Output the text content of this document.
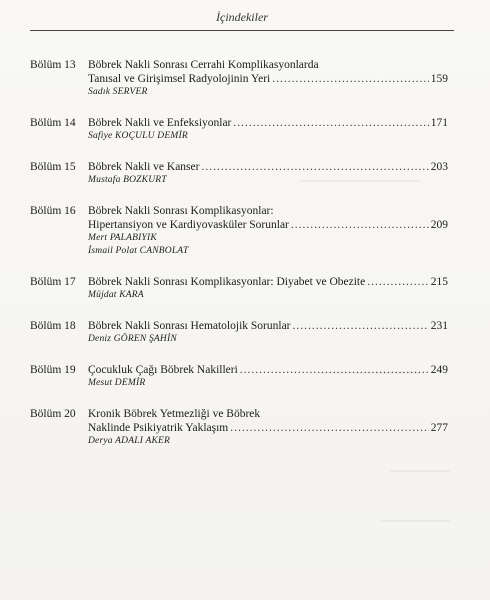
İçindekiler
Bölüm 13	Böbrek Nakli Sonrası Cerrahi Komplikasyonlarda
Tanısal ve Girişimsel Radyolojinin Yeri .....	159
Sadık SERVER
Bölüm 14	Böbrek Nakli ve Enfeksiyonlar .....	171
Safiye KOÇULU DEMİR
Bölüm 15	Böbrek Nakli ve Kanser .....	203
Mustafa BOZKURT
Bölüm 16	Böbrek Nakli Sonrası Komplikasyonlar:
Hipertansiyon ve Kardiyovasküler Sorunlar .....	209
Mert PALABIYIK
İsmail Polat CANBOLAT
Bölüm 17	Böbrek Nakli Sonrası Komplikasyonlar: Diyabet ve Obezite .....	215
Müjdat KARA
Bölüm 18	Böbrek Nakli Sonrası Hematolojik Sorunlar .....	231
Deniz GÖREN ŞAHİN
Bölüm 19	Çocukluk Çağı Böbrek Nakilleri .....	249
Mesut DEMİR
Bölüm 20	Kronik Böbrek Yetmezliği ve Böbrek
Naklinde Psikiyatrik Yaklaşım .....	277
Derya ADALI AKER
